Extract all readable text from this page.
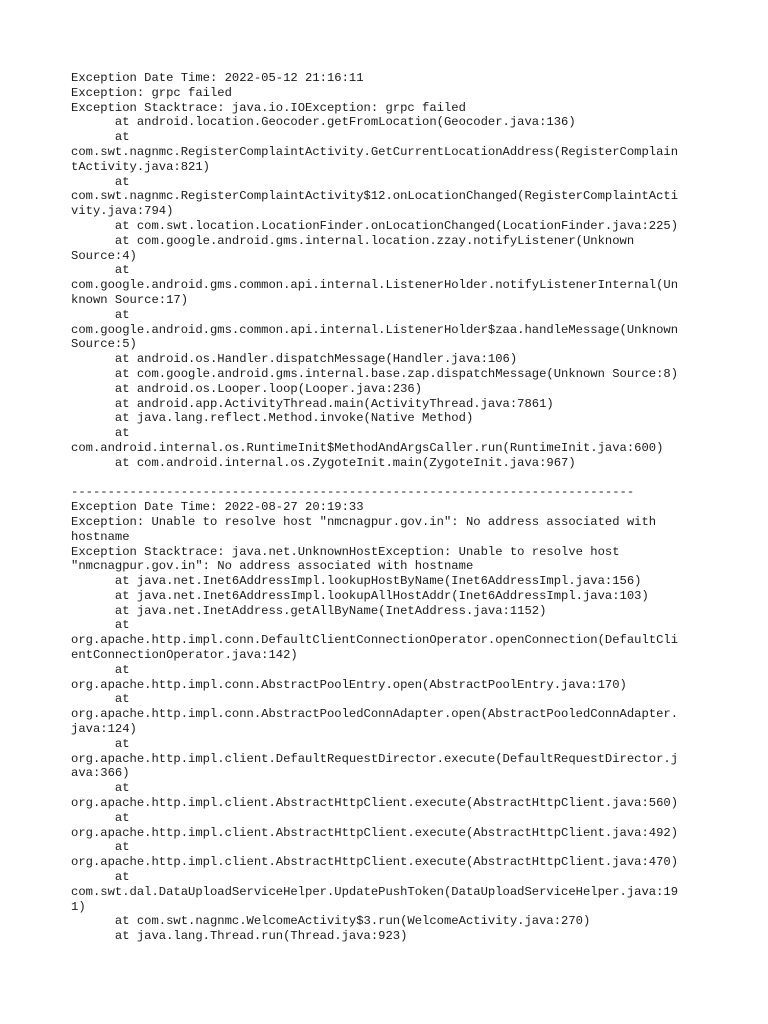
Exception Date Time: 2022-05-12 21:16:11
Exception: grpc failed
Exception Stacktrace: java.io.IOException: grpc failed
at android.location.Geocoder.getFromLocation(Geocoder.java:136)
at
com.swt.nagnmc.RegisterComplaintActivity.GetCurrentLocationAddress(RegisterComplain
tActivity.java:821)
at
com.swt.nagnmc.RegisterComplaintActivity$12.onLocationChanged(RegisterComplaintActi
vity.java:794)
at com.swt.location.LocationFinder.onLocationChanged(LocationFinder.java:225)
at com.google.android.gms.internal.location.zzay.notifyListener(Unknown
Source:4)
at
com.google.android.gms.common.api.internal.ListenerHolder.notifyListenerInternal(Un
known Source:17)
at
com.google.android.gms.common.api.internal.ListenerHolder$zaa.handleMessage(Unknown
Source:5)
at android.os.Handler.dispatchMessage(Handler.java:106)
at com.google.android.gms.internal.base.zap.dispatchMessage(Unknown Source:8)
at android.os.Looper.loop(Looper.java:236)
at android.app.ActivityThread.main(ActivityThread.java:7861)
at java.lang.reflect.Method.invoke(Native Method)
at
com.android.internal.os.RuntimeInit$MethodAndArgsCaller.run(RuntimeInit.java:600)
at com.android.internal.os.ZygoteInit.main(ZygoteInit.java:967)
-----------------------------------------------------------------------------
Exception Date Time: 2022-08-27 20:19:33
Exception: Unable to resolve host "nmcnagpur.gov.in": No address associated with
hostname
Exception Stacktrace: java.net.UnknownHostException: Unable to resolve host
"nmcnagpur.gov.in": No address associated with hostname
at java.net.Inet6AddressImpl.lookupHostByName(Inet6AddressImpl.java:156)
at java.net.Inet6AddressImpl.lookupAllHostAddr(Inet6AddressImpl.java:103)
at java.net.InetAddress.getAllByName(InetAddress.java:1152)
at
org.apache.http.impl.conn.DefaultClientConnectionOperator.openConnection(DefaultCli
entConnectionOperator.java:142)
at
org.apache.http.impl.conn.AbstractPoolEntry.open(AbstractPoolEntry.java:170)
at
org.apache.http.impl.conn.AbstractPooledConnAdapter.open(AbstractPooledConnAdapter.
java:124)
at
org.apache.http.impl.client.DefaultRequestDirector.execute(DefaultRequestDirector.j
ava:366)
at
org.apache.http.impl.client.AbstractHttpClient.execute(AbstractHttpClient.java:560)
at
org.apache.http.impl.client.AbstractHttpClient.execute(AbstractHttpClient.java:492)
at
org.apache.http.impl.client.AbstractHttpClient.execute(AbstractHttpClient.java:470)
at
com.swt.dal.DataUploadServiceHelper.UpdatePushToken(DataUploadServiceHelper.java:19
1)
at com.swt.nagnmc.WelcomeActivity$3.run(WelcomeActivity.java:270)
at java.lang.Thread.run(Thread.java:923)
